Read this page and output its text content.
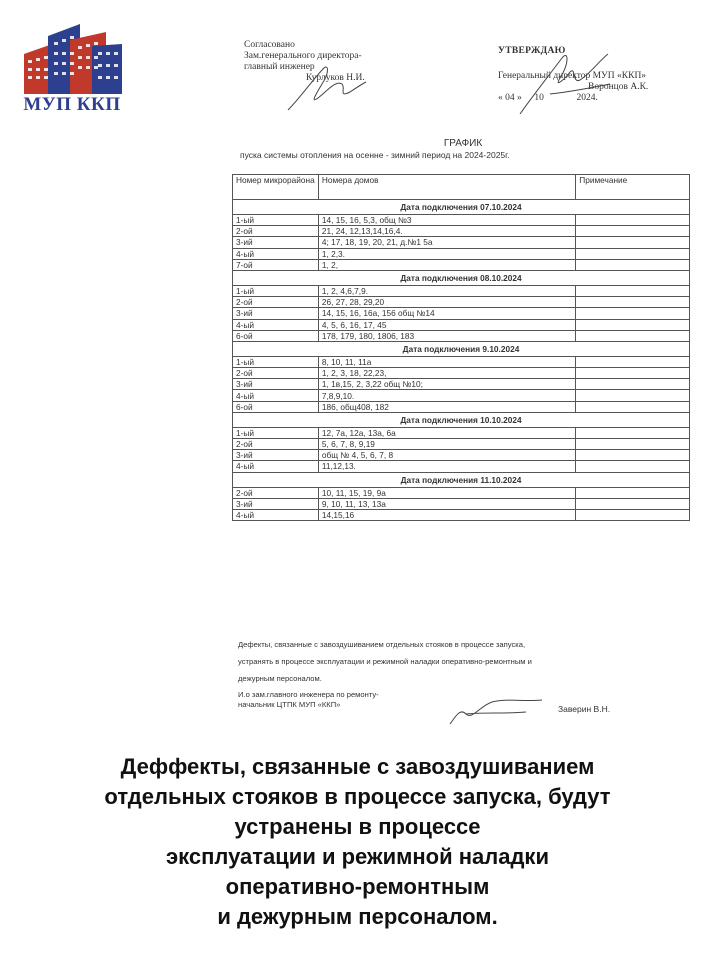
МУП ККП
Согласовано
Зам.генерального директора-
главный инженер
Курлуков Н.И.
УТВЕРЖДАЮ
Генеральный директор МУП «ККП»
Воронцов А.К.
« 04 » 10	2024.
ГРАФИК
пуска системы отопления на осенне - зимний период на 2024-2025г.
Номер микрорайона	Номера домов	Примечание
Дата подключения 07.10.2024		
1-ый	14, 15, 16, 5,3, общ №3	
2-ой	21, 24, 12,13,14,16,4.	
3-ий	4; 17, 18, 19, 20, 21, д.№1 5а	
4-ый	1, 2,3.	
7-ой	1, 2,	
Дата подключения 08.10.2024		
1-ый	1, 2, 4,6,7,9.	
2-ой	26, 27, 28, 29,20	
3-ий	14, 15, 16, 16а, 156 общ №14	
4-ый	4, 5, 6, 16, 17, 45	
6-ой	178, 179, 180, 1806, 183	
Дата подключения 9.10.2024		
1-ый	8, 10, 11, 11а	
2-ой	1, 2, 3, 18, 22,23,	
3-ий	1, 1в,15, 2, 3,22 общ №10;	
4-ый	7,8,9,10.	
6-ой	186, общ408, 182	
Дата подключения 10.10.2024		
1-ый	12, 7а, 12а, 13а, 6а	
2-ой	5, 6, 7, 8, 9,19	
3-ий	общ № 4, 5, 6, 7, 8	
4-ый	11,12,13.	
Дата подключения 11.10.2024		
2-ой	10, 11, 15, 19, 9а	
3-ий	9, 10, 11, 13, 13а	
4-ый	14,15,16	
Дефекты, связанные с завоздушиванием отдельных стояков в процессе запуска,
устранять в процессе эксплуатации и режимной наладки оперативно-ремонтным и
дежурным персоналом.
И.о зам.главного инженера по ремонту-
начальник ЦТПК МУП «ККП»	Заверин В.Н.
Деффекты, связанные с завоздушиванием
отдельных стояков в процессе запуска, будут
устранены в процессе
эксплуатации и режимной наладки
оперативно-ремонтным
и дежурным персоналом.
